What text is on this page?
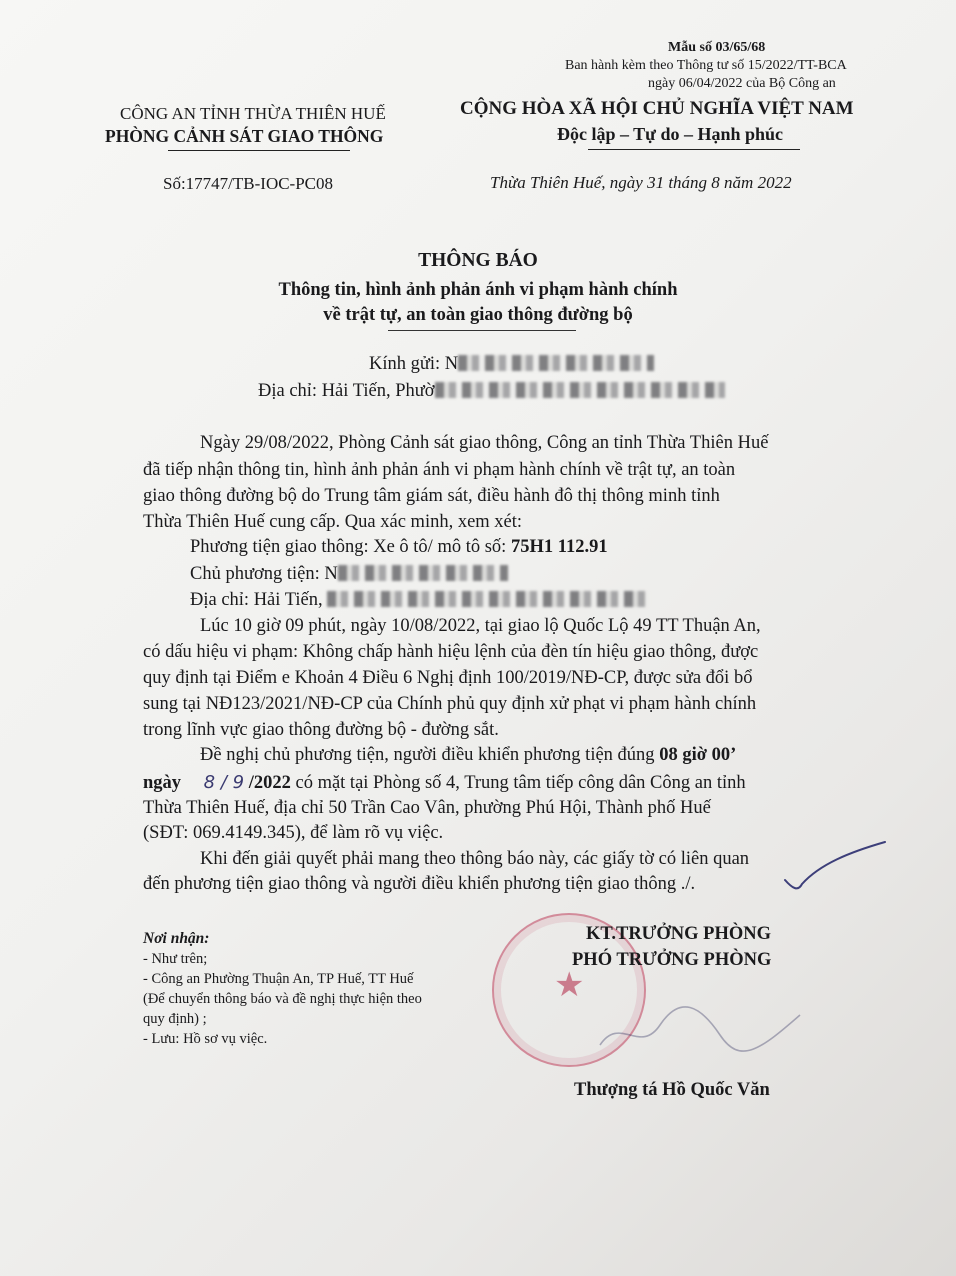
Mẫu số 03/65/68
Ban hành kèm theo Thông tư số 15/2022/TT-BCA
ngày 06/04/2022 của Bộ Công an
CÔNG AN TỈNH THỪA THIÊN HUẾ
PHÒNG CẢNH SÁT GIAO THÔNG
CỘNG HÒA XÃ HỘI CHỦ NGHĨA VIỆT NAM
Độc lập – Tự do – Hạnh phúc
Số:17747/TB-IOC-PC08	Thừa Thiên Huế, ngày 31 tháng 8 năm 2022
THÔNG BÁO
Thông tin, hình ảnh phản ánh vi phạm hành chính
về trật tự, an toàn giao thông đường bộ
Kính gửi: N
Địa chỉ: Hải Tiến, Phườ
Ngày 29/08/2022, Phòng Cảnh sát giao thông, Công an tỉnh Thừa Thiên Huế
đã tiếp nhận thông tin, hình ảnh phản ánh vi phạm hành chính về trật tự, an toàn
giao thông đường bộ do Trung tâm giám sát, điều hành đô thị thông minh tỉnh
Thừa Thiên Huế cung cấp. Qua xác minh, xem xét:
Phương tiện giao thông: Xe ô tô/ mô tô số: 75H1 112.91
Chủ phương tiện: N
Địa chỉ: Hải Tiến,
Lúc 10 giờ 09 phút, ngày 10/08/2022, tại giao lộ Quốc Lộ 49 TT Thuận An,
có dấu hiệu vi phạm: Không chấp hành hiệu lệnh của đèn tín hiệu giao thông, được
quy định tại Điểm e Khoản 4 Điều 6 Nghị định 100/2019/NĐ-CP, được sửa đổi bổ
sung tại NĐ123/2021/NĐ-CP của Chính phủ quy định xử phạt vi phạm hành chính
trong lĩnh vực giao thông đường bộ - đường sắt.
Đề nghị chủ phương tiện, người điều khiển phương tiện đúng 08 giờ 00’
ngày 8 / 9 /2022 có mặt tại Phòng số 4, Trung tâm tiếp công dân Công an tỉnh
Thừa Thiên Huế, địa chỉ 50 Trần Cao Vân, phường Phú Hội, Thành phố Huế
(SĐT: 069.4149.345), để làm rõ vụ việc.
Khi đến giải quyết phải mang theo thông báo này, các giấy tờ có liên quan
đến phương tiện giao thông và người điều khiển phương tiện giao thông ./.
Nơi nhận:
- Như trên;
- Công an Phường Thuận An, TP Huế, TT Huế
(Để chuyển thông báo và đề nghị thực hiện theo
quy định) ;
- Lưu: Hồ sơ vụ việc.
★
KT.TRƯỞNG PHÒNG
PHÓ TRƯỞNG PHÒNG
Thượng tá Hồ Quốc Văn
